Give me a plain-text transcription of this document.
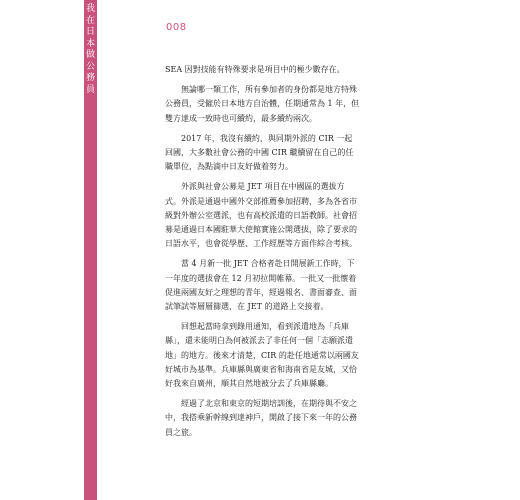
我在日本做公務員
008

SEA 因對技能有特殊要求是項目中的極少數存在。

無論哪一類工作，所有參加者的身份都是地方特殊公務員，受僱於日本地方自治體，任期通常為 1 年，但雙方達成一致時也可續約，最多續約兩次。

2017 年，我沒有續約，與同期外派的 CIR 一起回國，大多數社會公務的中國 CIR 繼續留在自己的任職單位，為點滴中日友好做着努力。

外派與社會公募是 JET 項目在中國區的選拔方式。外派是通過中國外交部推薦參加招聘，多為各省市級對外辦公室選派，也有高校派遣的日語教師。社會招募是通過日本國駐華大使館實施公開選拔，除了要求的日語水平，也會從學歷、工作經歷等方面作綜合考核。

當 4 月新一批 JET 合格者赴日開展新工作時，下一年度的選拔會在 12 月初拉開帷幕。一批又一批懷着促進兩國友好之理想的青年，經過報名、書面審查、面試筆試等層層篩選，在 JET 的道路上交接着。

回想起當時拿到錄用通知，看到派遣地為「兵庫縣」，還未能明白為何被派去了非任何一個「志願派遣地」的地方。後來才清楚，CIR 的赴任地通常以兩國友好城市為基準。兵庫縣與廣東省和海南省是友城，又恰好我來自廣州，順其自然地被分去了兵庫縣廳。

經過了北京和東京的短期培訓後，在期待與不安之中，我搭乘新幹線到達神戶，開啟了接下來一年的公務員之旅。
